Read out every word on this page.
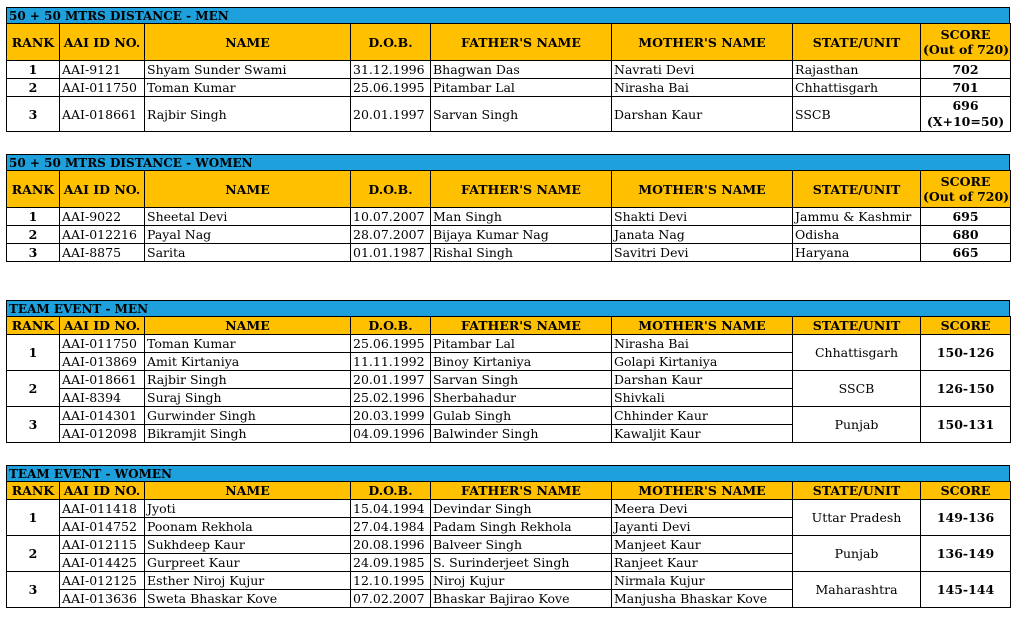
50 + 50 MTRS DISTANCE - MEN
RANK	AAI ID NO.	NAME	D.O.B.	FATHER'S NAME	MOTHER'S NAME	STATE/UNIT	SCORE
(Out of 720)

1	AAI-9121	Shyam Sunder Swami	31.12.1996	Bhagwan Das	Navrati Devi	Rajasthan	702
2	AAI-011750	Toman Kumar	25.06.1995	Pitambar Lal	Nirasha Bai	Chhattisgarh	701
3	AAI-018661	Rajbir Singh	20.01.1997	Sarvan Singh	Darshan Kaur	SSCB	696
(X+10=50)
50 + 50 MTRS DISTANCE - WOMEN
RANK	AAI ID NO.	NAME	D.O.B.	FATHER'S NAME	MOTHER'S NAME	STATE/UNIT	SCORE
(Out of 720)

1	AAI-9022	Sheetal Devi	10.07.2007	Man Singh	Shakti Devi	Jammu & Kashmir	695
2	AAI-012216	Payal Nag	28.07.2007	Bijaya Kumar Nag	Janata Nag	Odisha	680
3	AAI-8875	Sarita	01.01.1987	Rishal Singh	Savitri Devi	Haryana	665
TEAM EVENT - MEN
RANK	AAI ID NO.	NAME	D.O.B.	FATHER'S NAME	MOTHER'S NAME	STATE/UNIT	SCORE
1	AAI-011750	Toman Kumar	25.06.1995	Pitambar Lal	Nirasha Bai	Chhattisgarh	150-126
	AAI-013869	Amit Kirtaniya	11.11.1992	Binoy Kirtaniya	Golapi Kirtaniya		
2	AAI-018661	Rajbir Singh	20.01.1997	Sarvan Singh	Darshan Kaur	SSCB	126-150
	AAI-8394	Suraj Singh	25.02.1996	Sherbahadur	Shivkali		
3	AAI-014301	Gurwinder Singh	20.03.1999	Gulab Singh	Chhinder Kaur	Punjab	150-131
	AAI-012098	Bikramjit Singh	04.09.1996	Balwinder Singh	Kawaljit Kaur		
TEAM EVENT - WOMEN
RANK	AAI ID NO.	NAME	D.O.B.	FATHER'S NAME	MOTHER'S NAME	STATE/UNIT	SCORE
1	AAI-011418	Jyoti	15.04.1994	Devindar Singh	Meera Devi	Uttar Pradesh	149-136
	AAI-014752	Poonam Rekhola	27.04.1984	Padam Singh Rekhola	Jayanti Devi		
2	AAI-012115	Sukhdeep Kaur	20.08.1996	Balveer Singh	Manjeet Kaur	Punjab	136-149
	AAI-014425	Gurpreet Kaur	24.09.1985	S. Surinderjeet Singh	Ranjeet Kaur		
3	AAI-012125	Esther Niroj Kujur	12.10.1995	Niroj Kujur	Nirmala Kujur	Maharashtra	145-144
	AAI-013636	Sweta Bhaskar Kove	07.02.2007	Bhaskar Bajirao Kove	Manjusha Bhaskar Kove		
